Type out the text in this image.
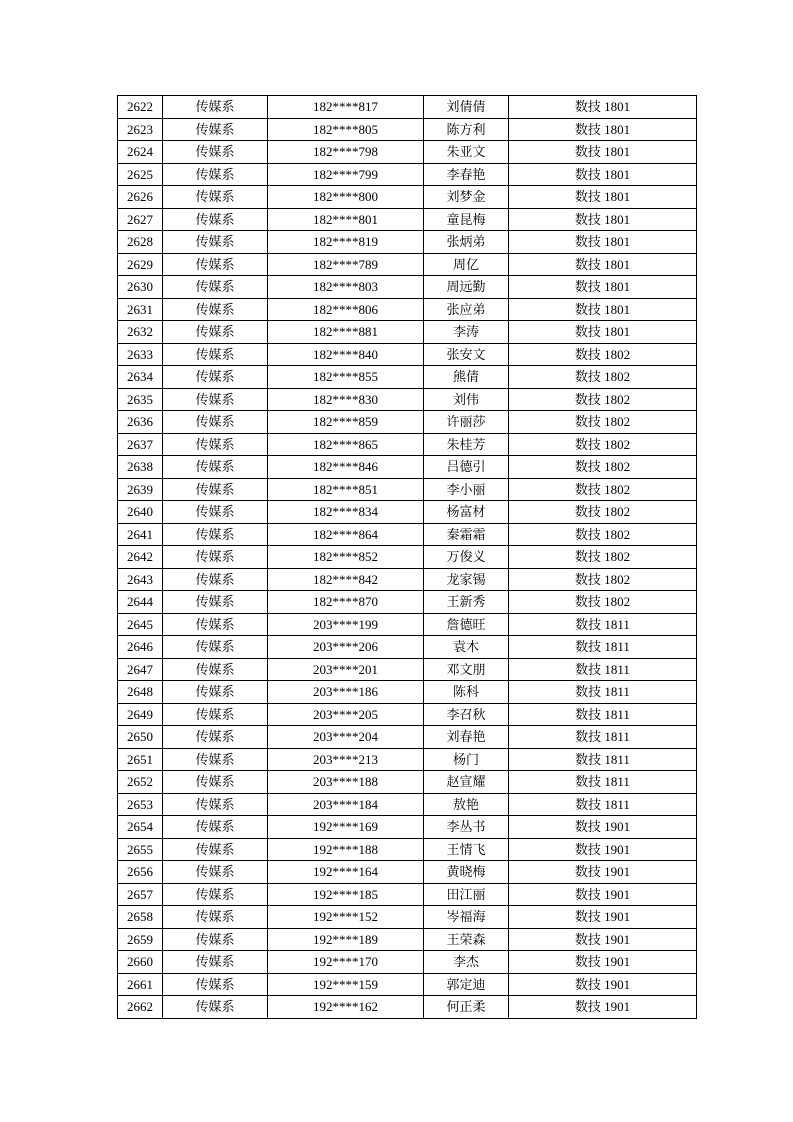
2622	传媒系	182****817	刘倩倩	数技 1801
2623	传媒系	182****805	陈方利	数技 1801
2624	传媒系	182****798	朱亚文	数技 1801
2625	传媒系	182****799	李春艳	数技 1801
2626	传媒系	182****800	刘梦金	数技 1801
2627	传媒系	182****801	童昆梅	数技 1801
2628	传媒系	182****819	张炳弟	数技 1801
2629	传媒系	182****789	周亿	数技 1801
2630	传媒系	182****803	周远勤	数技 1801
2631	传媒系	182****806	张应弟	数技 1801
2632	传媒系	182****881	李涛	数技 1801
2633	传媒系	182****840	张安文	数技 1802
2634	传媒系	182****855	熊倩	数技 1802
2635	传媒系	182****830	刘伟	数技 1802
2636	传媒系	182****859	许丽莎	数技 1802
2637	传媒系	182****865	朱桂芳	数技 1802
2638	传媒系	182****846	吕德引	数技 1802
2639	传媒系	182****851	李小丽	数技 1802
2640	传媒系	182****834	杨富材	数技 1802
2641	传媒系	182****864	秦霜霜	数技 1802
2642	传媒系	182****852	万俊义	数技 1802
2643	传媒系	182****842	龙家锡	数技 1802
2644	传媒系	182****870	王新秀	数技 1802
2645	传媒系	203****199	詹德旺	数技 1811
2646	传媒系	203****206	袁木	数技 1811
2647	传媒系	203****201	邓文朋	数技 1811
2648	传媒系	203****186	陈科	数技 1811
2649	传媒系	203****205	李召秋	数技 1811
2650	传媒系	203****204	刘春艳	数技 1811
2651	传媒系	203****213	杨门	数技 1811
2652	传媒系	203****188	赵宣耀	数技 1811
2653	传媒系	203****184	敖艳	数技 1811
2654	传媒系	192****169	李丛书	数技 1901
2655	传媒系	192****188	王情飞	数技 1901
2656	传媒系	192****164	黄晓梅	数技 1901
2657	传媒系	192****185	田江丽	数技 1901
2658	传媒系	192****152	岑福海	数技 1901
2659	传媒系	192****189	王荣森	数技 1901
2660	传媒系	192****170	李杰	数技 1901
2661	传媒系	192****159	郭定迪	数技 1901
2662	传媒系	192****162	何正柔	数技 1901
